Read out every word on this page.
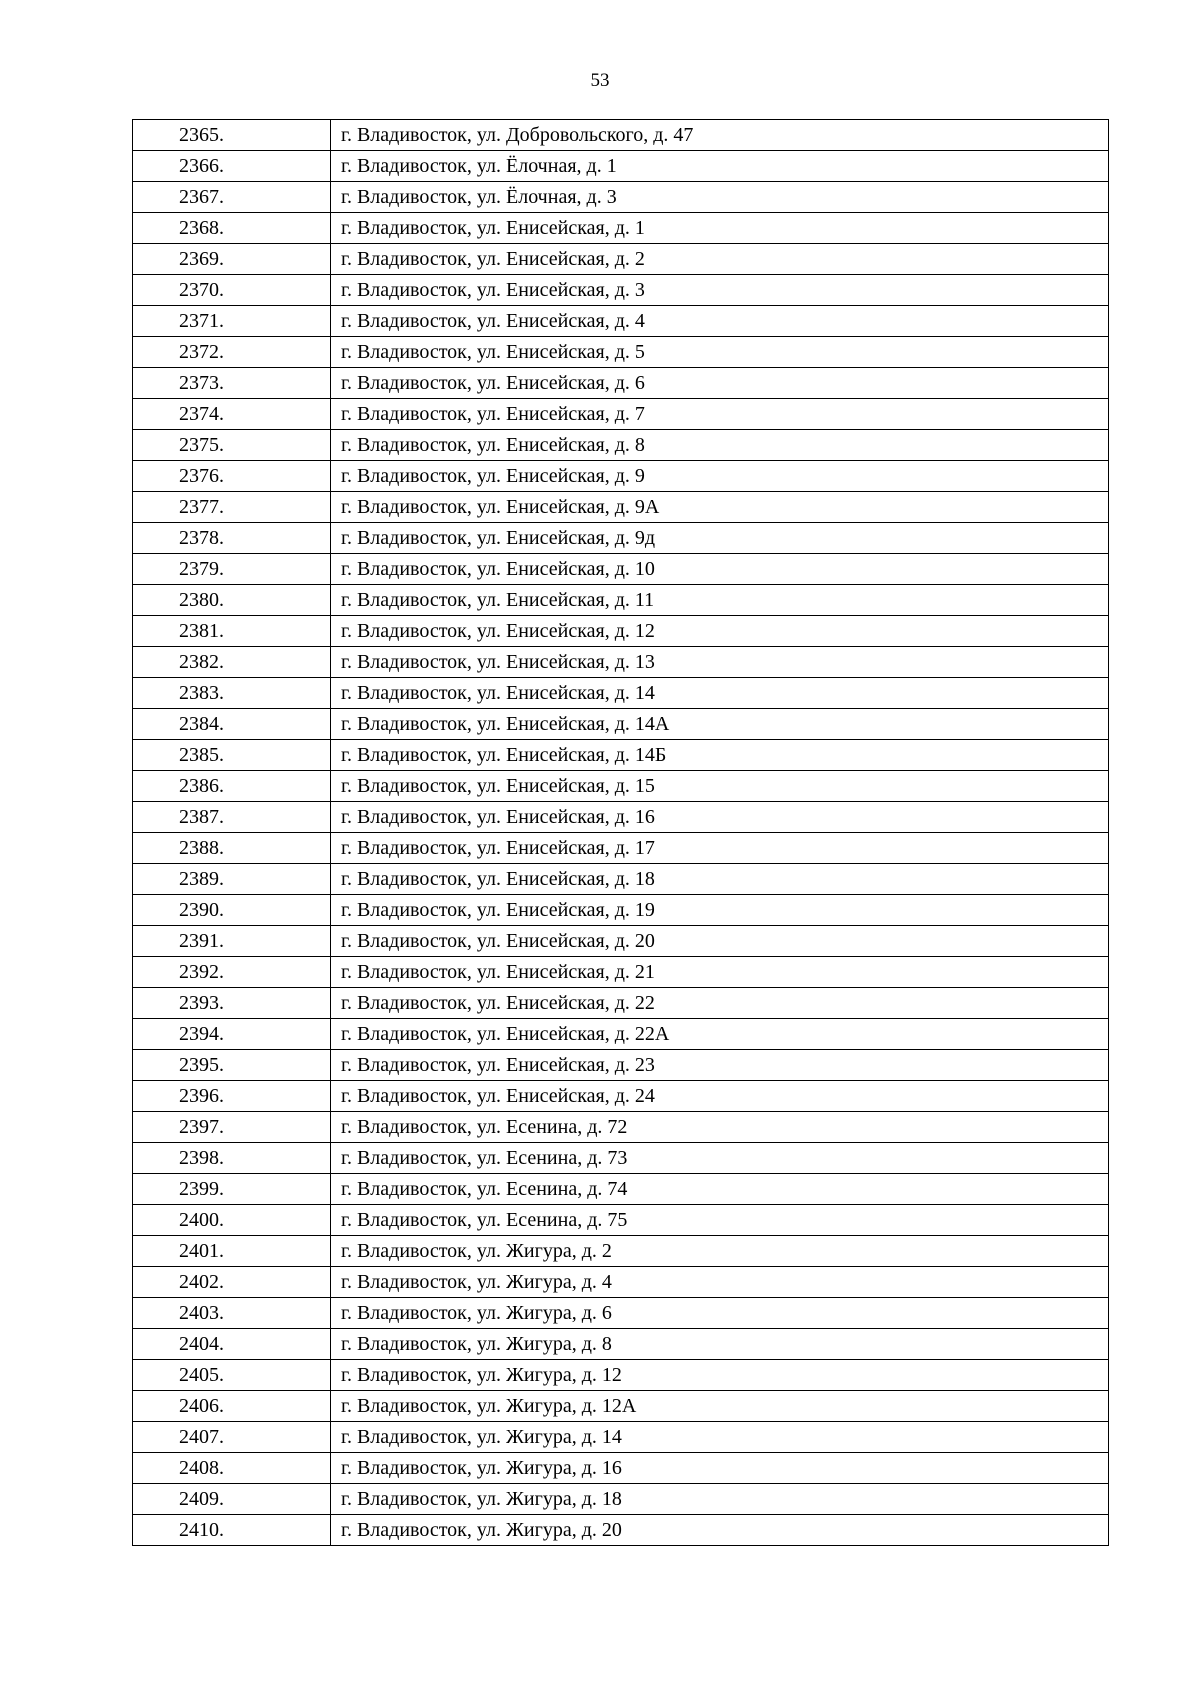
53
2365.	г. Владивосток, ул. Добровольского, д. 47
2366.	г. Владивосток, ул. Ёлочная, д. 1
2367.	г. Владивосток, ул. Ёлочная, д. 3
2368.	г. Владивосток, ул. Енисейская, д. 1
2369.	г. Владивосток, ул. Енисейская, д. 2
2370.	г. Владивосток, ул. Енисейская, д. 3
2371.	г. Владивосток, ул. Енисейская, д. 4
2372.	г. Владивосток, ул. Енисейская, д. 5
2373.	г. Владивосток, ул. Енисейская, д. 6
2374.	г. Владивосток, ул. Енисейская, д. 7
2375.	г. Владивосток, ул. Енисейская, д. 8
2376.	г. Владивосток, ул. Енисейская, д. 9
2377.	г. Владивосток, ул. Енисейская, д. 9А
2378.	г. Владивосток, ул. Енисейская, д. 9д
2379.	г. Владивосток, ул. Енисейская, д. 10
2380.	г. Владивосток, ул. Енисейская, д. 11
2381.	г. Владивосток, ул. Енисейская, д. 12
2382.	г. Владивосток, ул. Енисейская, д. 13
2383.	г. Владивосток, ул. Енисейская, д. 14
2384.	г. Владивосток, ул. Енисейская, д. 14А
2385.	г. Владивосток, ул. Енисейская, д. 14Б
2386.	г. Владивосток, ул. Енисейская, д. 15
2387.	г. Владивосток, ул. Енисейская, д. 16
2388.	г. Владивосток, ул. Енисейская, д. 17
2389.	г. Владивосток, ул. Енисейская, д. 18
2390.	г. Владивосток, ул. Енисейская, д. 19
2391.	г. Владивосток, ул. Енисейская, д. 20
2392.	г. Владивосток, ул. Енисейская, д. 21
2393.	г. Владивосток, ул. Енисейская, д. 22
2394.	г. Владивосток, ул. Енисейская, д. 22А
2395.	г. Владивосток, ул. Енисейская, д. 23
2396.	г. Владивосток, ул. Енисейская, д. 24
2397.	г. Владивосток, ул. Есенина, д. 72
2398.	г. Владивосток, ул. Есенина, д. 73
2399.	г. Владивосток, ул. Есенина, д. 74
2400.	г. Владивосток, ул. Есенина, д. 75
2401.	г. Владивосток, ул. Жигура, д. 2
2402.	г. Владивосток, ул. Жигура, д. 4
2403.	г. Владивосток, ул. Жигура, д. 6
2404.	г. Владивосток, ул. Жигура, д. 8
2405.	г. Владивосток, ул. Жигура, д. 12
2406.	г. Владивосток, ул. Жигура, д. 12А
2407.	г. Владивосток, ул. Жигура, д. 14
2408.	г. Владивосток, ул. Жигура, д. 16
2409.	г. Владивосток, ул. Жигура, д. 18
2410.	г. Владивосток, ул. Жигура, д. 20
